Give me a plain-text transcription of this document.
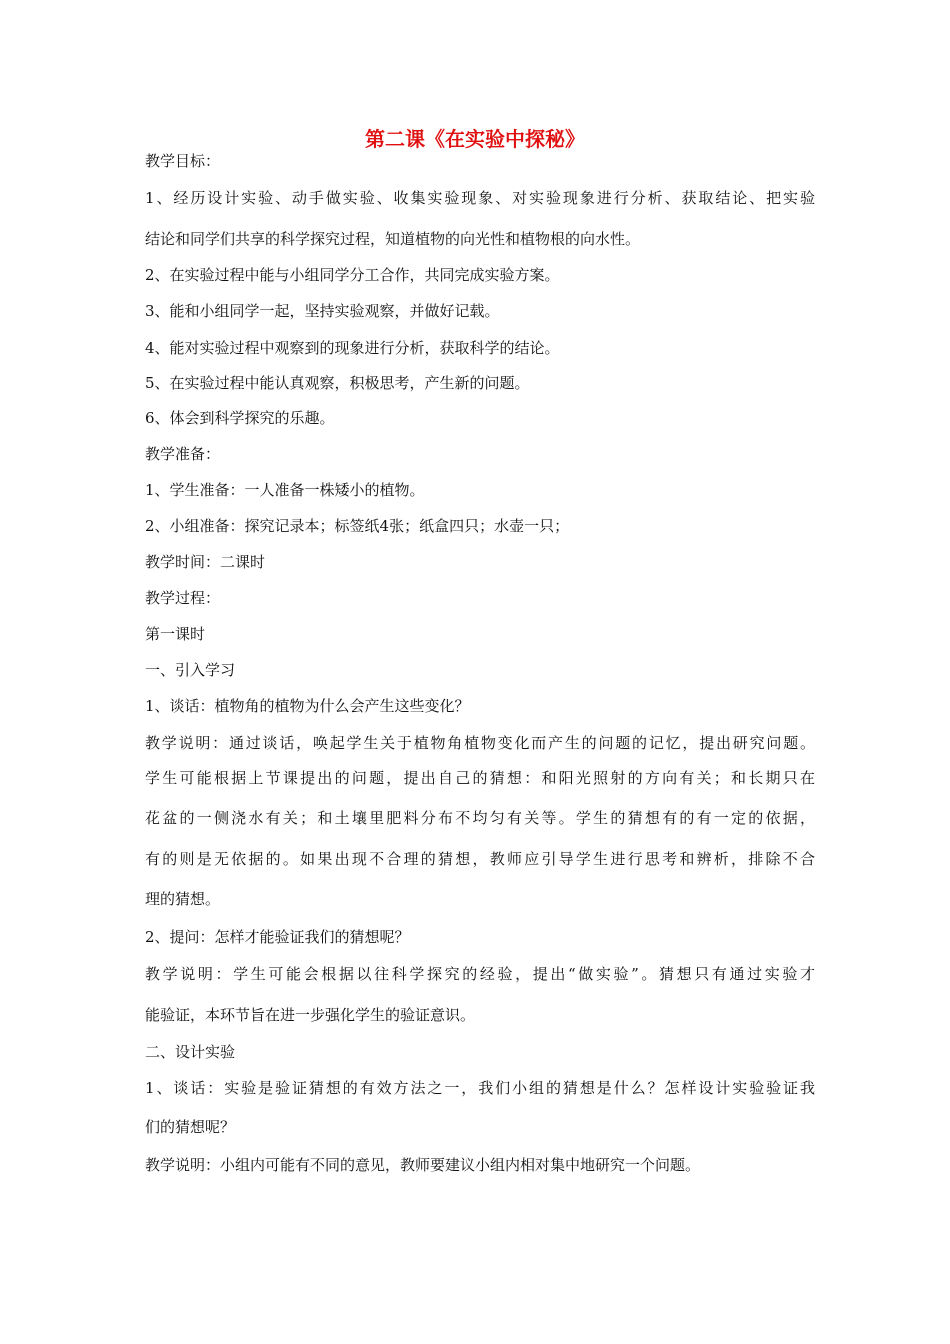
第二课《在实验中探秘》
教学目标：
1、经历设计实验、动手做实验、收集实验现象、对实验现象进行分析、获取结论、把实验
结论和同学们共享的科学探究过程，知道植物的向光性和植物根的向水性。
2、在实验过程中能与小组同学分工合作，共同完成实验方案。
3、能和小组同学一起，坚持实验观察，并做好记载。
4、能对实验过程中观察到的现象进行分析，获取科学的结论。
5、在实验过程中能认真观察，积极思考，产生新的问题。
6、体会到科学探究的乐趣。
教学准备：
1、学生准备：一人准备一株矮小的植物。
2、小组准备：探究记录本；标签纸4张；纸盒四只；水壶一只；
教学时间：二课时
教学过程：
第一课时
一、引入学习
1、谈话：植物角的植物为什么会产生这些变化？
教学说明：通过谈话，唤起学生关于植物角植物变化而产生的问题的记忆，提出研究问题。
学生可能根据上节课提出的问题，提出自己的猜想：和阳光照射的方向有关；和长期只在
花盆的一侧浇水有关；和土壤里肥料分布不均匀有关等。学生的猜想有的有一定的依据，
有的则是无依据的。如果出现不合理的猜想，教师应引导学生进行思考和辨析，排除不合
理的猜想。
2、提问：怎样才能验证我们的猜想呢？
教学说明：学生可能会根据以往科学探究的经验，提出“做实验”。猜想只有通过实验才
能验证，本环节旨在进一步强化学生的验证意识。
二、设计实验
1、谈话：实验是验证猜想的有效方法之一，我们小组的猜想是什么？怎样设计实验验证我
们的猜想呢？
教学说明：小组内可能有不同的意见，教师要建议小组内相对集中地研究一个问题。
